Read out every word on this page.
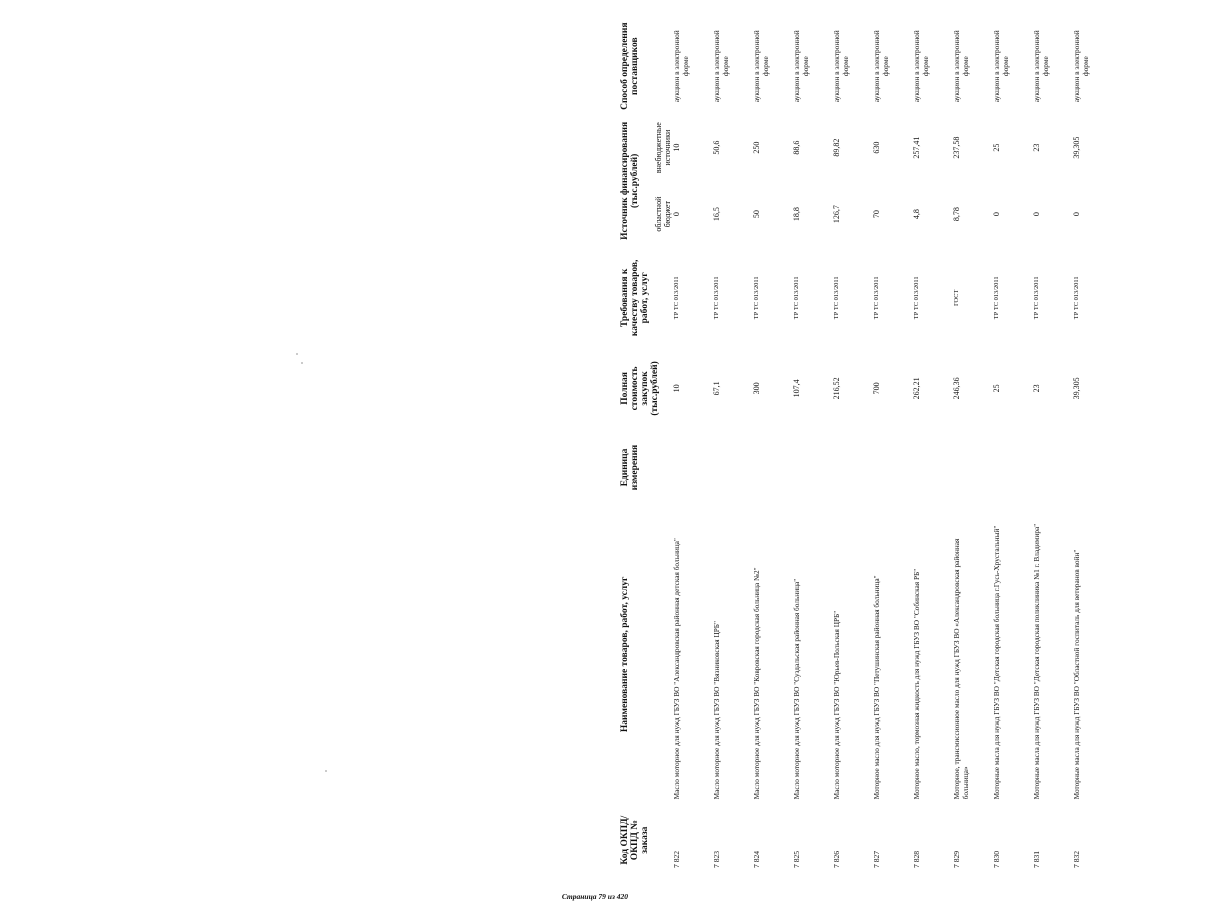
Код ОКПД/ ОКПД № заказа	Наименование товаров, работ, услуг	Единица измерения	Полная стоимость закупок (тыс.рублей)	Требования к качеству товаров, работ, услуг	Источник финансирования (тыс.рублей)		Способ определения поставщиков
					областной бюджет	внебюджетные источники	
7 822	Масло моторное для нужд ГБУЗ ВО "Александровская районная детская больница"		10	ТР ТС 013/2011	0	10	аукцион в электронной форме
7 823	Масло моторное для нужд ГБУЗ ВО "Вязниковская ЦРБ"		67,1	ТР ТС 013/2011	16,5	50,6	аукцион в электронной форме
7 824	Масло моторное для нужд ГБУЗ ВО "Ковровская городская больница №2"		300	ТР ТС 013/2011	50	250	аукцион в электронной форме
7 825	Масло моторное для нужд ГБУЗ ВО "Суздальская районная больница"		107,4	ТР ТС 013/2011	18,8	88,6	аукцион в электронной форме
7 826	Масло моторное для нужд ГБУЗ ВО "Юрьев-Польская ЦРБ"		216,52	ТР ТС 013/2011	126,7	89,82	аукцион в электронной форме
7 827	Моторное масло для нужд ГБУЗ ВО "Петушинская районная больница"		700	ТР ТС 013/2011	70	630	аукцион в электронной форме
7 828	Моторное масло, тормозная жидкость для нужд ГБУЗ ВО "Собинская РБ"		262,21	ТР ТС 013/2011	4,8	257,41	аукцион в электронной форме
7 829	Моторное, трансмиссионное масло для нужд ГБУЗ ВО «Александровская районная больница»		246,36	ГОСТ	8,78	237,58	аукцион в электронной форме
7 830	Моторные масла для нужд ГБУЗ ВО "Детская городская больница г.Гусь-Хрустальный"		25	ТР ТС 013/2011	0	25	аукцион в электронной форме
7 831	Моторные масла для нужд ГБУЗ ВО "Детская городская поликлиника №1 г. Владимира"		23	ТР ТС 013/2011	0	23	аукцион в электронной форме
7 832	Моторные масла для нужд ГБУЗ ВО "Областной госпиталь для ветеранов войн"		39,305	ТР ТС 013/2011	0	39,305	аукцион в электронной форме
Страница 79 из 420
